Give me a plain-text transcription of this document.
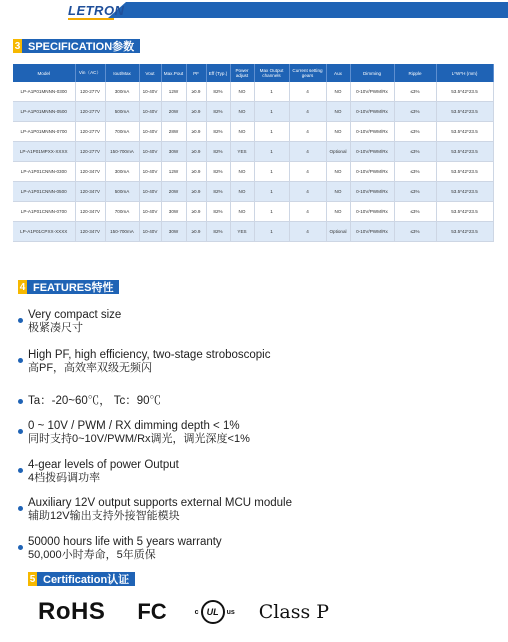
LETRON
3 SPECIFICATION参数
Model	Vin（AC）	Iout/Max	Vout	Max.Pout	PF	Eff (Typ.)	Power adjust	Max Output channels	Current setting gears	Aux	Dimming	Ripple	L*W*H (mm)
LP-A1P01MNNN-0300	120-277V	300mA	10-40V	12W	≥0.9	82%	NO	1	4	NO	0-10V/PWM/Rx	≤3%	53.5*42*23.5
LP-A1P01MNNN-0500	120-277V	500mA	10-40V	20W	≥0.9	82%	NO	1	4	NO	0-10V/PWM/Rx	≤3%	53.5*42*23.5
LP-A1P01MNNN-0700	120-277V	700mA	10-40V	28W	≥0.9	82%	NO	1	4	NO	0-10V/PWM/Rx	≤3%	53.5*42*23.5
LP-A1P01MPXX-XXXX	120-277V	150-700mA	10-40V	30W	≥0.9	82%	YES	1	4	Optional	0-10V/PWM/Rx	≤3%	53.5*42*23.5
LP-A1P01CNNN-0300	120-347V	300mA	10-40V	12W	≥0.9	82%	NO	1	4	NO	0-10V/PWM/Rx	≤3%	53.5*42*23.5
LP-A1P01CNNN-0500	120-347V	500mA	10-40V	20W	≥0.9	82%	NO	1	4	NO	0-10V/PWM/Rx	≤3%	53.5*42*23.5
LP-A1P01CNNN-0700	120-347V	700mA	10-40V	30W	≥0.9	82%	NO	1	4	NO	0-10V/PWM/Rx	≤3%	53.5*42*23.5
LP-A1P01CPXX-XXXX	120-347V	150-700mA	10-40V	30W	≥0.9	82%	YES	1	4	Optional	0-10V/PWM/Rx	≤3%	53.5*42*23.5
4 FEATURES特性
Very compact size
极紧凑尺寸
High PF, high efficiency, two-stage stroboscopic
高PF，高效率双级无频闪
Ta：-20~60℃， Tc：90℃
0 ~ 10V / PWM / RX dimming depth < 1%
同时支持0~10V/PWM/Rx调光，调光深度<1%
4-gear levels of power Output
4档拨码调功率
Auxiliary 12V output supports external MCU module
辅助12V输出支持外接智能模块
50000 hours life with 5 years warranty
50,000小时寿命，5年质保
5 Certification认证
RoHS FC	c UL	us Class P
